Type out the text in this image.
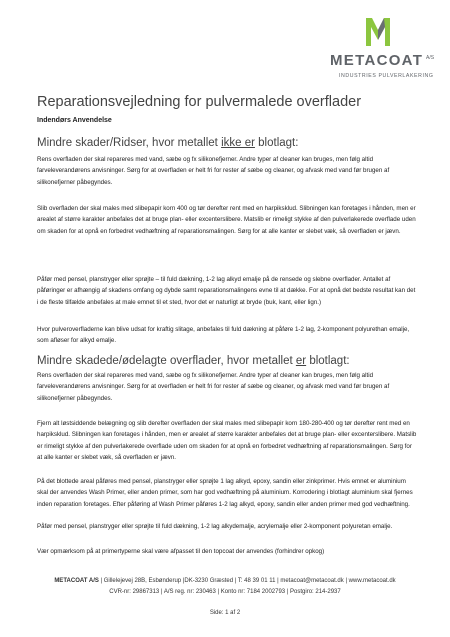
METACOAT A/S
INDUSTRIES PULVERLAKERING
Reparationsvejledning for pulvermalede overflader
Indendørs Anvendelse
Mindre skader/Ridser, hvor metallet ikke er blotlagt:

Rens overfladen der skal repareres med vand, sæbe og fx silikonefjerner. Andre typer af cleaner kan bruges, men følg altid farveleverandørens anvisninger. Sørg for at overfladen er helt fri for rester af sæbe og cleaner, og afvask med vand før brugen af silikonefjerner påbegyndes.

Slib overfladen der skal males med slibepapir korn 400 og tør derefter rent med en harpiksklud. Slibningen kan foretages i hånden, men er arealet af større karakter anbefales det at bruge plan- eller excenterslibere. Matslib er rimeligt stykke af den pulverlakerede overflade uden om skaden for at opnå en forbedret vedhæftning af reparationsmalingen. Sørg for at alle kanter er slebet væk, så overfladen er jævn.

Påfør med pensel, planstryger eller sprøjte – til fuld dækning, 1-2 lag alkyd emalje på de rensede og slebne overflader. Antallet af påføringer er afhængig af skadens omfang og dybde samt reparationsmalingens evne til at dække. For at opnå det bedste resultat kan det i de fleste tilfælde anbefales at male emnet til et sted, hvor det er naturligt at bryde (buk, kant, eller lign.)

Hvor pulveroverfladerne kan blive udsat for kraftig slitage, anbefales til fuld dækning at påføre 1-2 lag, 2-komponent polyurethan emalje, som afløser for alkyd emalje.

Mindre skadede/ødelagte overflader, hvor metallet er blotlagt:

Rens overfladen der skal repareres med vand, sæbe og fx silikonefjerner. Andre typer af cleaner kan bruges, men følg altid farveleverandørens anvisninger. Sørg for at overfladen er helt fri for rester af sæbe og cleaner, og afvask med vand før brugen af silikonefjerner påbegyndes.

Fjern alt løstsiddende belægning og slib derefter overfladen der skal males med slibepapir korn 180-280-400 og tør derefter rent med en harpiksklud. Slibningen kan foretages i hånden, men er arealet af større karakter anbefales det at bruge plan- eller excenterslibere. Matslib er rimeligt stykke af den pulverlakerede overflade uden om skaden for at opnå en forbedret vedhæftning af reparationsmalingen. Sørg for at alle kanter er slebet væk, så overfladen er jævn.

På det blottede areal påføres med pensel, planstryger eller sprøjte 1 lag alkyd, epoxy, sandin eller zinkprimer. Hvis emnet er aluminium skal der anvendes Wash Primer, eller anden primer, som har god vedhæftning på aluminium. Korrodering i blotlagt aluminium skal fjernes inden reparation foretages. Efter påføring af Wash Primer påføres 1-2 lag alkyd, epoxy, sandin eller anden primer med god vedhæftning.

Påfør med pensel, planstryger eller sprøjte til fuld dækning, 1-2 lag alkydemalje, acrylemalje eller 2-komponent polyuretan emalje.

Vær opmærksom på at primertyperne skal være afpasset til den topcoat der anvendes (forhindrer opkog)

METACOAT A/S | Gillelejevej 28B, Esbønderup |DK-3230 Græsted | T: 48 39 01 11 | metacoat@metacoat.dk | www.metacoat.dk

CVR-nr: 29867313 | A/S reg. nr: 230463 | Konto nr: 7184 2002793 | Postgiro: 214-2937

Side: 1 af 2
